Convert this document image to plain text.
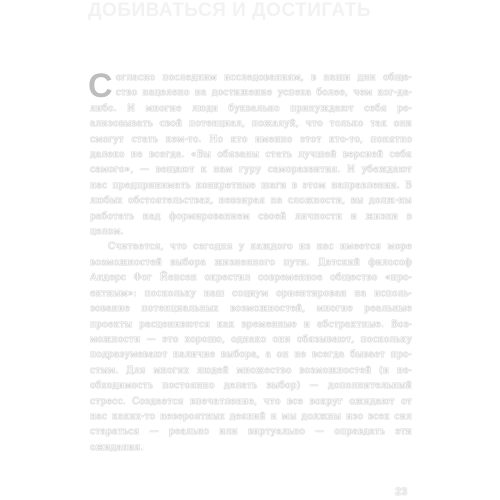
ДОБИВАТЬСЯ И ДОСТИГАТЬ

Согласно последним исследованиям, в наши дни обще-ство нацелено на достижение успеха более, чем ког-да-либо. И многие люди буквально принуждают себя ре-ализовывать свой потенциал, пожалуй, что только так они смогут стать кем-то. Но кто именно этот кто-то, понятно далеко не всегда. «Вы обязаны стать лучшей версией себя самого», — вещают к нам гуру саморазвития. И убеждают нас предпринимать конкретные шаги в этом направлении. В любых обстоятельствах, невзирая на сложности, вы долж-ны работать над формированием своей личности и жизни в целом.

Считается, что сегодня у каждого из нас имеется море возможностей выбора жизненного пути. Датский философ Андерс Фог Йенсен окрестил современное общество «про-ектным»: поскольку наш социум ориентирован на исполь-зование потенциальных возможностей, многие реальные проекты расценивются как временные и абстрактные. Воз-можности — это хорошо, однако они обязывают, поскольку подразумевают наличие выбора, а он не всегда бывает про-стым. Для многих людей множество возможностей (и не-обходимость постоянно делать выбор) — дополнительный стресс. Создается впечатление, что все вокруг ожидают от нас каких-то невероятных деяний и мы должны изо всех сил стараться — реально или виртуально — оправдать эти ожидания.

23
